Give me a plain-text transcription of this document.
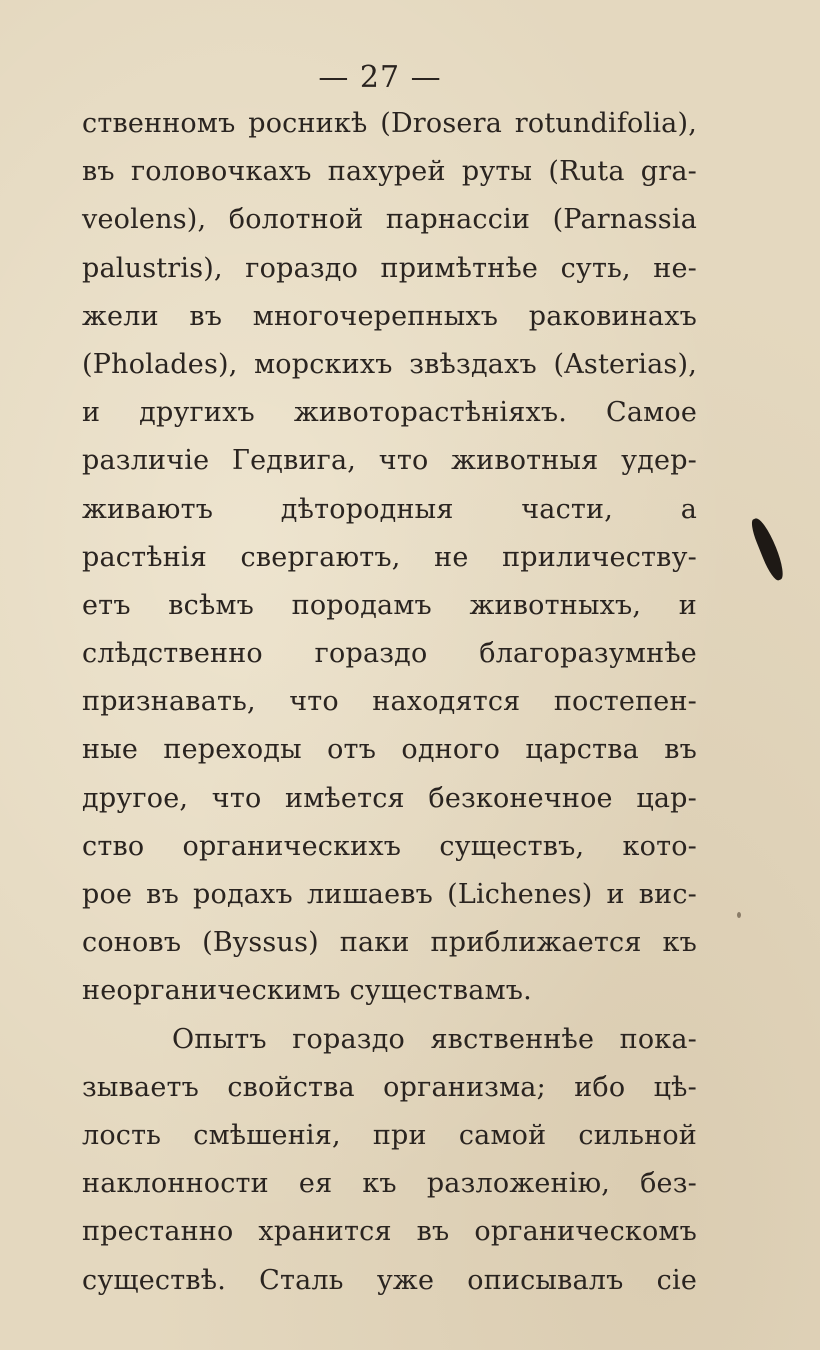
— 27 —
ственномъ росникѣ (Drosera rotundifolia),
въ головочкахъ пахурей руты (Ruta gra-
veolens), болотной парнассіи (Parnassia
palustris), гораздо примѣтнѣе суть, не-
жели въ многочерепныхъ раковинахъ
(Pholades), морскихъ звѣздахъ (Asterias),
и другихъ животорастѣніяхъ. Самое
различіе Гедвига, что животныя удер-
живаютъ дѣтородныя части, а
растѣнія свергаютъ, не приличеству-
етъ всѣмъ породамъ животныхъ, и
слѣдственно гораздо благоразумнѣе
признавать, что находятся постепен-
ные переходы отъ одного царства въ
другое, что имѣется безконечное цар-
ство органическихъ существъ, кото-
рое въ родахъ лишаевъ (Lichenes) и вис-
соновъ (Byssus) паки приближается къ
неорганическимъ существамъ.
Опытъ гораздо явственнѣе пока-
зываетъ свойства организма; ибо цѣ-
лость смѣшенія, при самой сильной
наклонности ея къ разложенію, без-
престанно хранится въ органическомъ
существѣ. Сталь уже описывалъ сіе
